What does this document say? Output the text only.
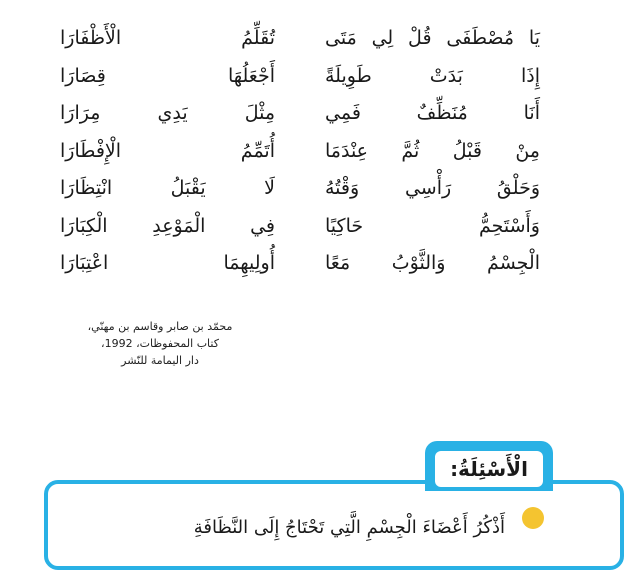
يَا مُصْطَفَى قُلْ لِي مَتَى
تُقَلِّمُ الْأَظْفَارَا
إِذَا بَدَتْ طَوِيلَةً
أَجْعَلُهَا قِصَارَا
أَنَا مُنَظِّفٌ فَمِي
مِثْلَ يَدِي مِرَارَا
مِنْ قَبْلُ ثُمَّ عِنْدَمَا
أُتَمِّمُ الْإِفْطَارَا
وَحَلْقُ رَأْسِي وَقْتُهُ
لَا يَقْبَلُ انْتِظَارَا
وَأَسْتَحِمُّ حَاكِيًا
فِي الْمَوْعِدِ الْكِبَارَا
الْجِسْمُ وَالثَّوْبُ مَعًا
أُولِيهِمَا اعْتِبَارَا
محمّد بن صابر وقاسم بن مهنّي،
كتاب المحفوظات، 1992،
دار اليمامة للنّشر
الْأَسْئِلَةُ:
